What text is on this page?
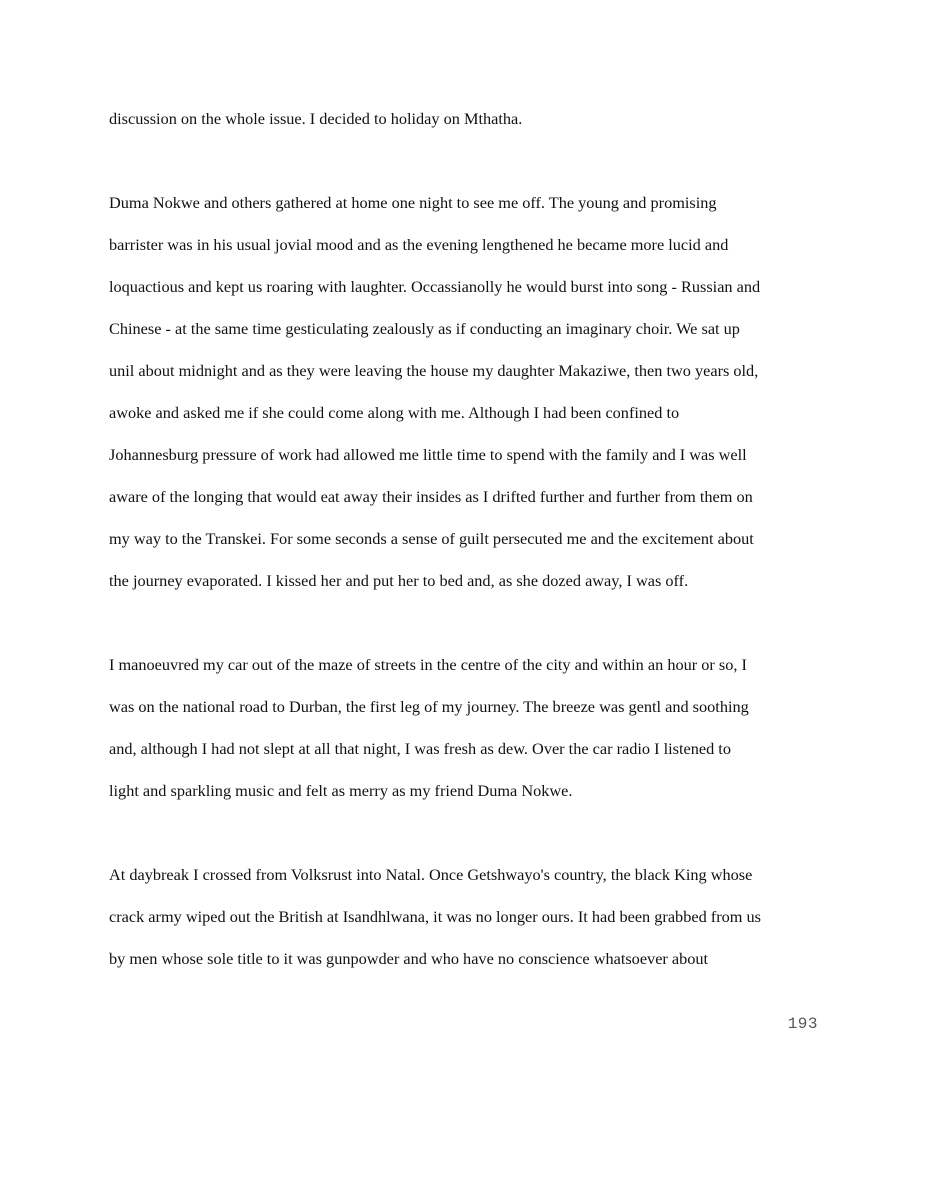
discussion on the whole issue. I decided to holiday on Mthatha.
Duma Nokwe and others gathered at home one night to see me off. The young and promising
barrister was in his usual jovial mood and as the evening lengthened he became more lucid and
loquactious and kept us roaring with laughter. Occassianolly he would burst into song - Russian and
Chinese - at the same time gesticulating zealously as if conducting an imaginary choir. We sat up
unil about midnight and as they were leaving the house my daughter Makaziwe, then two years old,
awoke and asked me if she could come along with me. Although I had been confined to
Johannesburg pressure of work had allowed me little time to spend with the family and I was well
aware of the longing that would eat away their insides as I drifted further and further from them on
my way to the Transkei. For some seconds a sense of guilt persecuted me and the excitement about
the journey evaporated. I kissed her and put her to bed and, as she dozed away, I was off.
I manoeuvred my car out of the maze of streets in the centre of the city and within an hour or so, I
was on the national road to Durban, the first leg of my journey. The breeze was gentl and soothing
and, although I had not slept at all that night, I was fresh as dew. Over the car radio I listened to
light and sparkling music and felt as merry as my friend Duma Nokwe.
At daybreak I crossed from Volksrust into Natal. Once Getshwayo's country, the black King whose
crack army wiped out the British at Isandhlwana, it was no longer ours. It had been grabbed from us
by men whose sole title to it was gunpowder and who have no conscience whatsoever about
193
